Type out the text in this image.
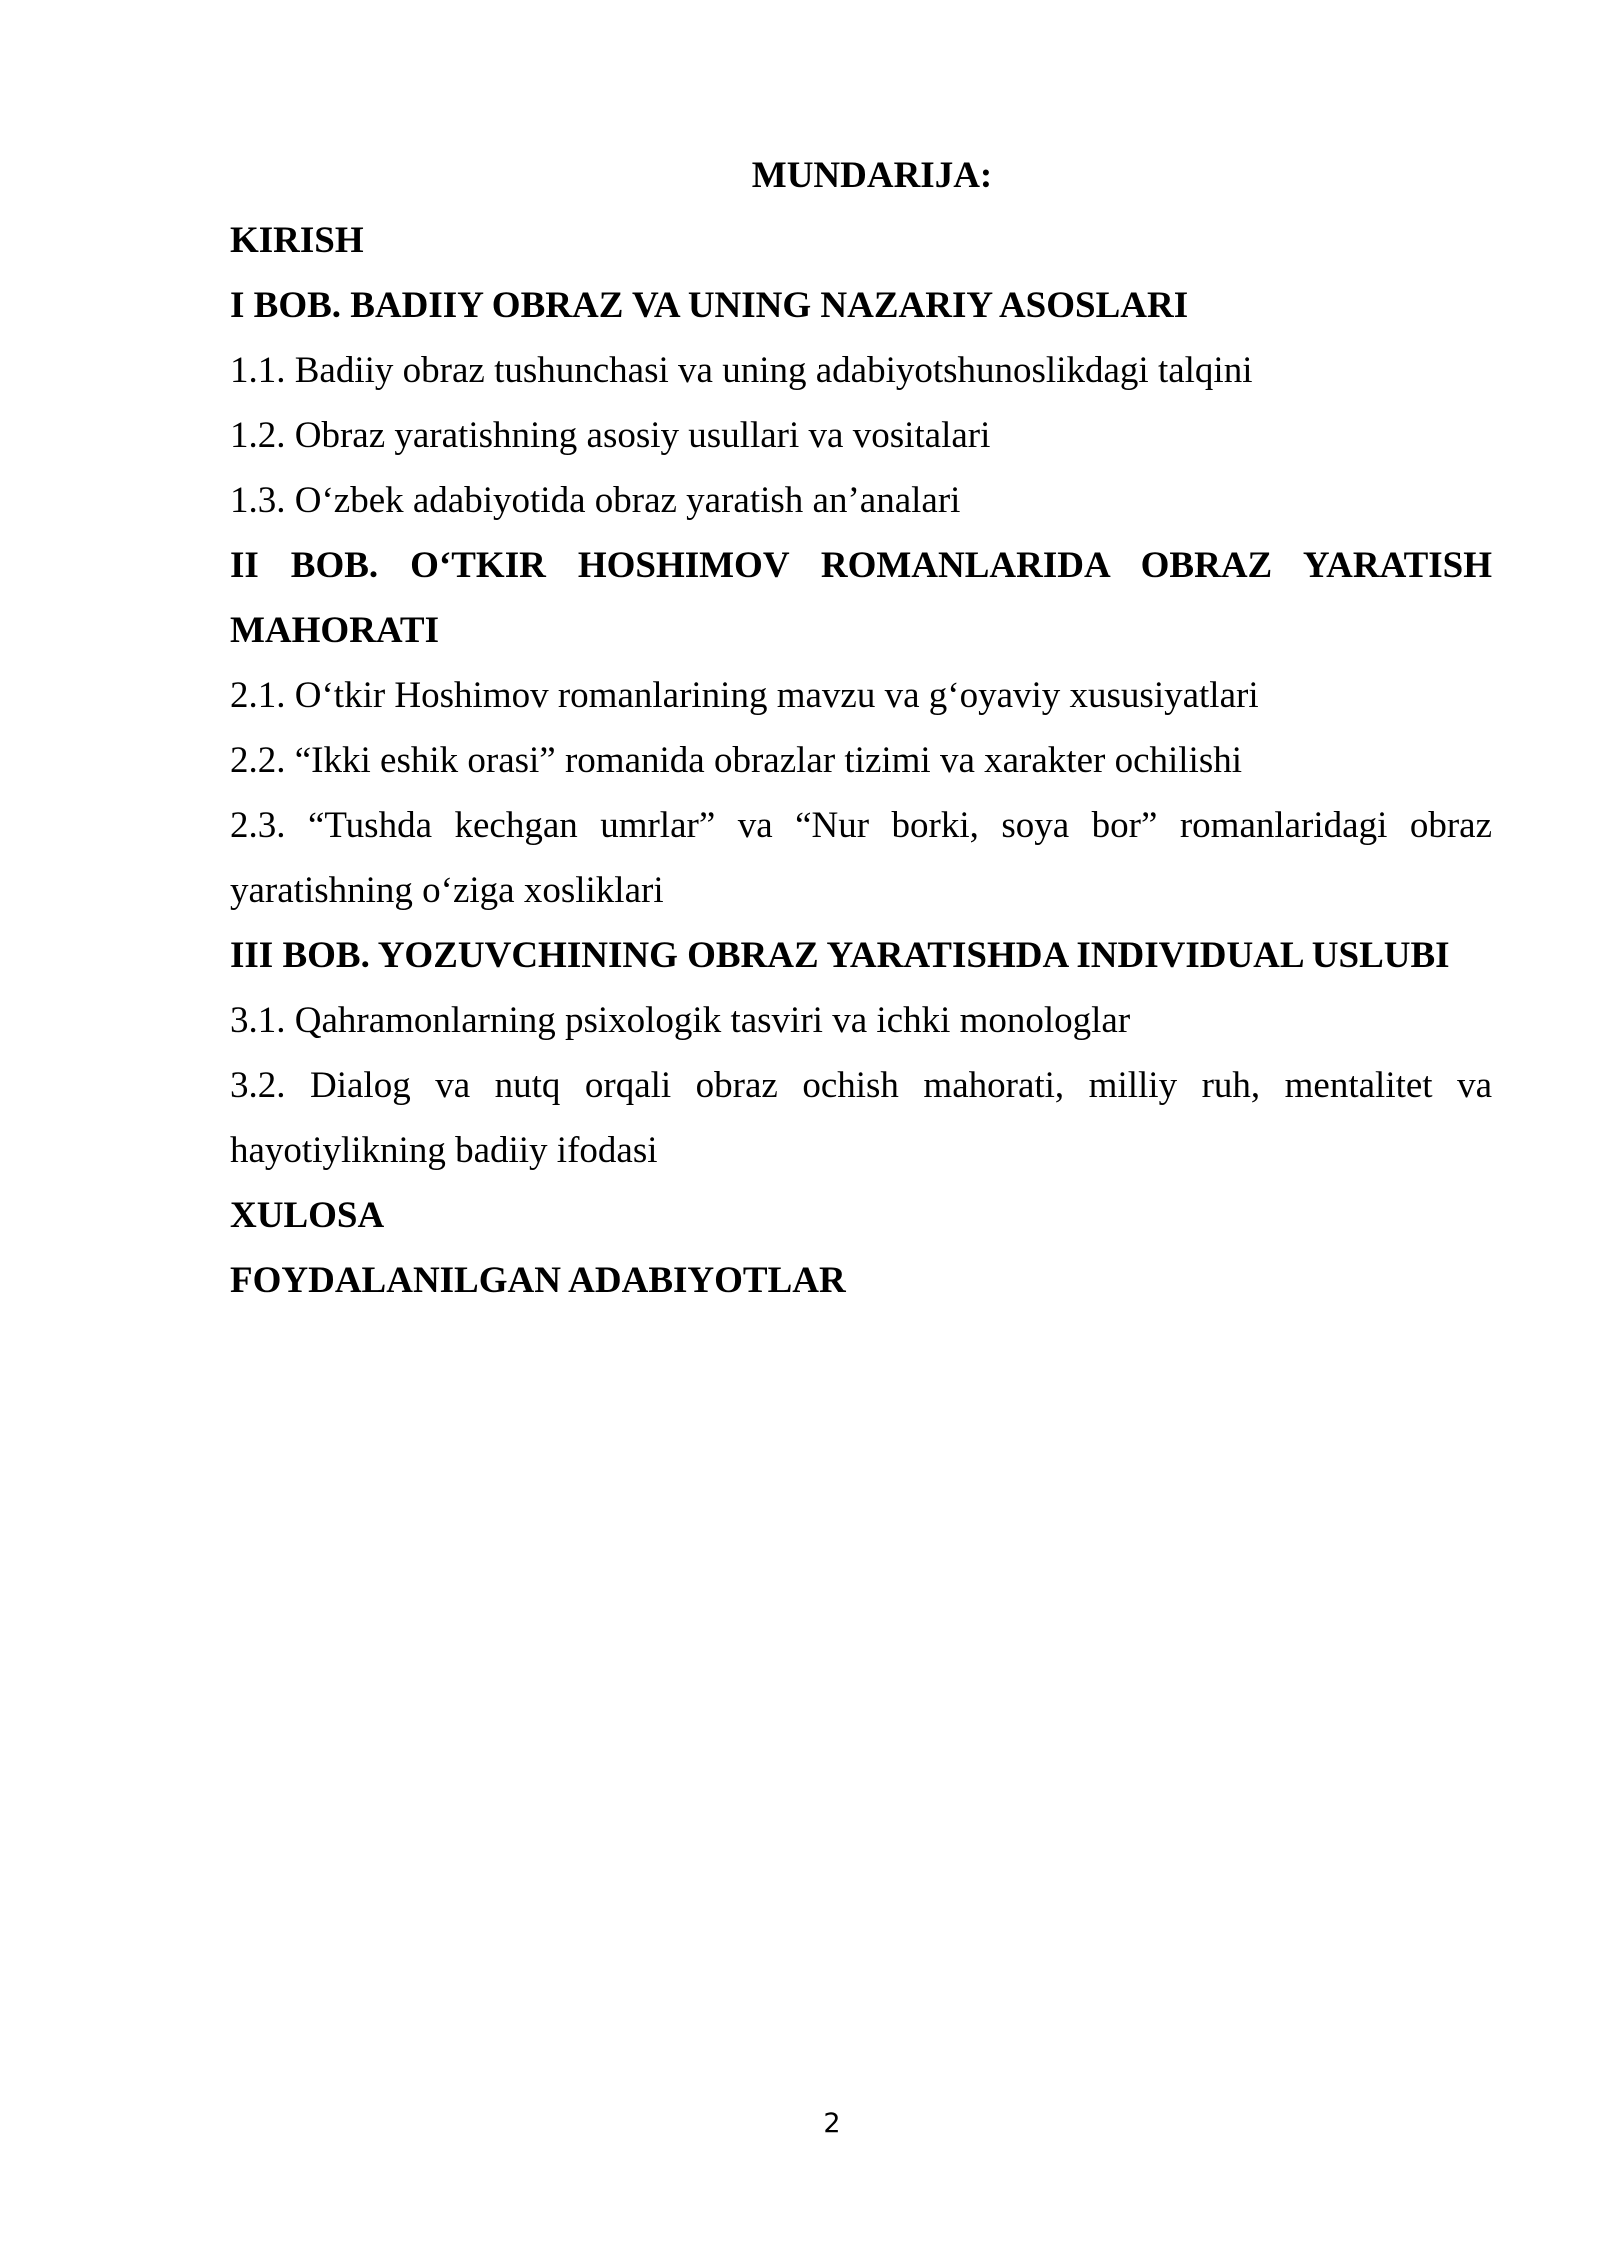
MUNDARIJA:

KIRISH

I BOB. BADIIY OBRAZ VA UNING NAZARIY ASOSLARI

1.1. Badiiy obraz tushunchasi va uning adabiyotshunoslikdagi talqini

1.2. Obraz yaratishning asosiy usullari va vositalari

1.3. O‘zbek adabiyotida obraz yaratish an’analari

II BOB. O‘TKIR HOSHIMOV ROMANLARIDA OBRAZ YARATISH MAHORATI

2.1. O‘tkir Hoshimov romanlarining mavzu va g‘oyaviy xususiyatlari

2.2. “Ikki eshik orasi” romanida obrazlar tizimi va xarakter ochilishi

2.3. “Tushda kechgan umrlar” va “Nur borki, soya bor” romanlaridagi obraz yaratishning o‘ziga xosliklari

III BOB. YOZUVCHINING OBRAZ YARATISHDA INDIVIDUAL USLUBI

3.1. Qahramonlarning psixologik tasviri va ichki monologlar

3.2. Dialog va nutq orqali obraz ochish mahorati, milliy ruh, mentalitet va hayotiylikning badiiy ifodasi

XULOSA

FOYDALANILGAN ADABIYOTLAR

2
